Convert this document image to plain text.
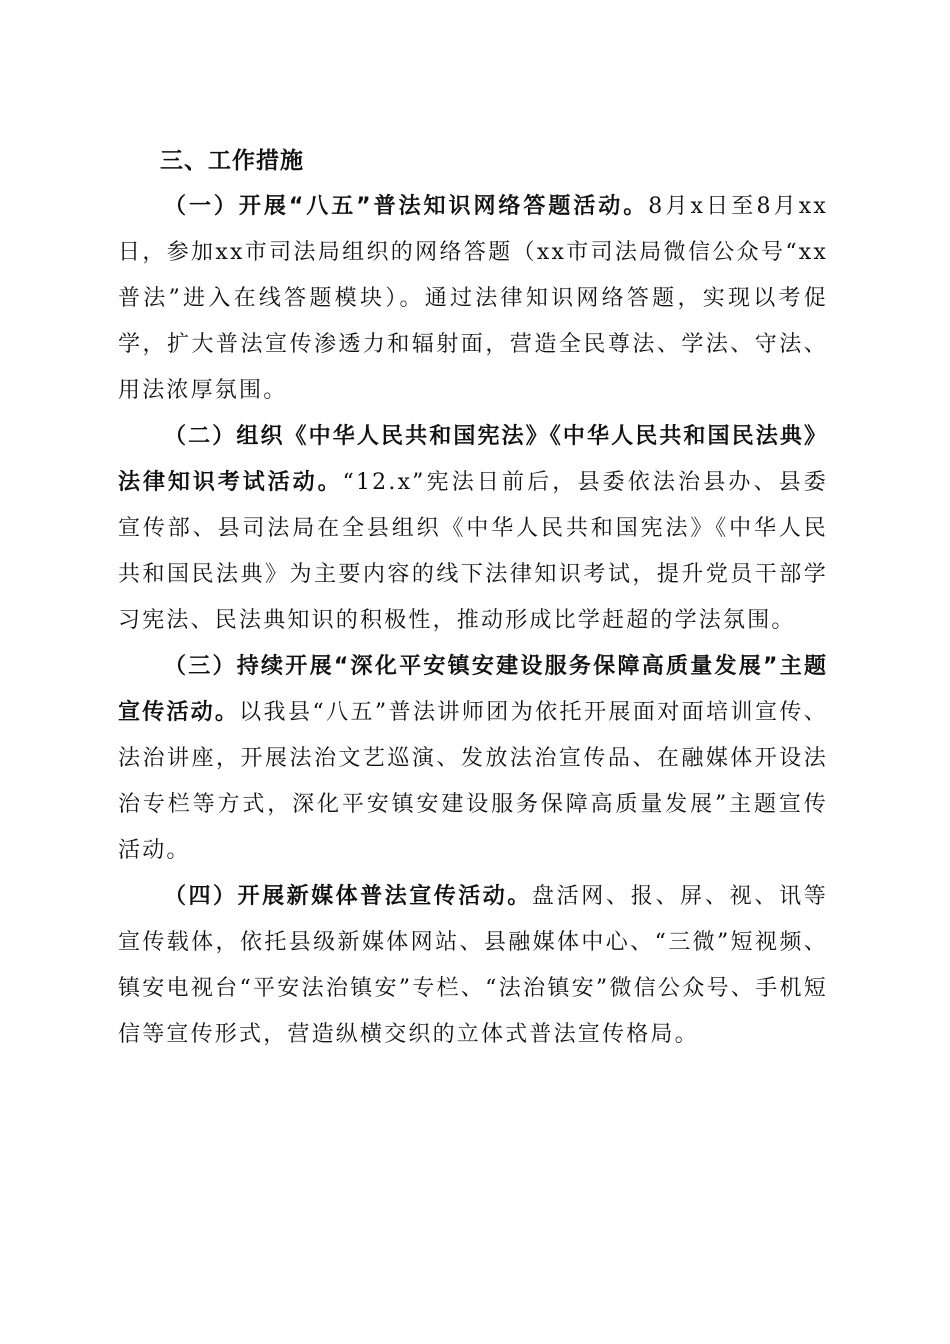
三、工作措施

（一）开展“八五”普法知识网络答题活动。8月x日至8月xx日，参加xx市司法局组织的网络答题（xx市司法局微信公众号“xx普法”进入在线答题模块）。通过法律知识网络答题，实现以考促学，扩大普法宣传渗透力和辐射面，营造全民尊法、学法、守法、用法浓厚氛围。

（二）组织《中华人民共和国宪法》《中华人民共和国民法典》法律知识考试活动。“12.x”宪法日前后，县委依法治县办、县委宣传部、县司法局在全县组织《中华人民共和国宪法》《中华人民共和国民法典》为主要内容的线下法律知识考试，提升党员干部学习宪法、民法典知识的积极性，推动形成比学赶超的学法氛围。

（三）持续开展“深化平安镇安建设服务保障高质量发展”主题宣传活动。以我县“八五”普法讲师团为依托开展面对面培训宣传、法治讲座，开展法治文艺巡演、发放法治宣传品、在融媒体开设法治专栏等方式，深化平安镇安建设服务保障高质量发展”主题宣传活动。

（四）开展新媒体普法宣传活动。盘活网、报、屏、视、讯等宣传载体，依托县级新媒体网站、县融媒体中心、“三微”短视频、镇安电视台“平安法治镇安”专栏、“法治镇安”微信公众号、手机短信等宣传形式，营造纵横交织的立体式普法宣传格局。
